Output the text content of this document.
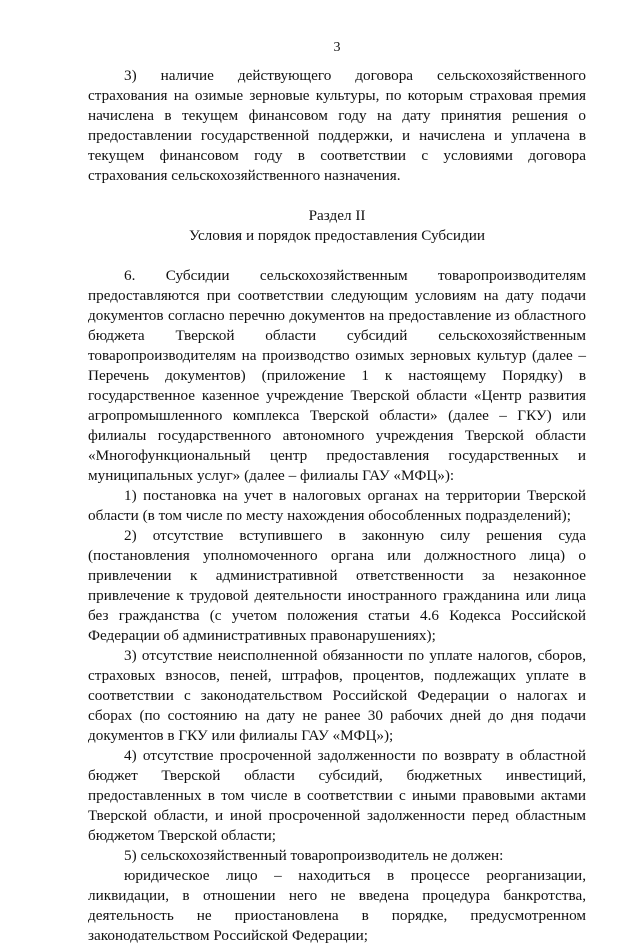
3

3) наличие действующего договора сельскохозяйственного страхования на озимые зерновые культуры, по которым страховая премия начислена в текущем финансовом году на дату принятия решения о предоставлении государственной поддержки, и начислена и уплачена в текущем финансовом году в соответствии с условиями договора страхования сельскохозяйственного назначения.

Раздел II

Условия и порядок предоставления Субсидии

6. Субсидии сельскохозяйственным товаропроизводителям предоставляются при соответствии следующим условиям на дату подачи документов согласно перечню документов на предоставление из областного бюджета Тверской области субсидий сельскохозяйственным товаропроизводителям на производство озимых зерновых культур (далее – Перечень документов) (приложение 1 к настоящему Порядку) в государственное казенное учреждение Тверской области «Центр развития агропромышленного комплекса Тверской области» (далее – ГКУ) или филиалы государственного автономного учреждения Тверской области «Многофункциональный центр предоставления государственных и муниципальных услуг» (далее – филиалы ГАУ «МФЦ»):

1) постановка на учет в налоговых органах на территории Тверской области (в том числе по месту нахождения обособленных подразделений);

2) отсутствие вступившего в законную силу решения суда (постановления уполномоченного органа или должностного лица) о привлечении к административной ответственности за незаконное привлечение к трудовой деятельности иностранного гражданина или лица без гражданства (с учетом положения статьи 4.6 Кодекса Российской Федерации об административных правонарушениях);

3) отсутствие неисполненной обязанности по уплате налогов, сборов, страховых взносов, пеней, штрафов, процентов, подлежащих уплате в соответствии с законодательством Российской Федерации о налогах и сборах (по состоянию на дату не ранее 30 рабочих дней до дня подачи документов в ГКУ или филиалы ГАУ «МФЦ»);

4) отсутствие просроченной задолженности по возврату в областной бюджет Тверской области субсидий, бюджетных инвестиций, предоставленных в том числе в соответствии с иными правовыми актами Тверской области, и иной просроченной задолженности перед областным бюджетом Тверской области;

5) сельскохозяйственный товаропроизводитель не должен:

юридическое лицо – находиться в процессе реорганизации, ликвидации, в отношении него не введена процедура банкротства, деятельность не приостановлена в порядке, предусмотренном законодательством Российской Федерации;
